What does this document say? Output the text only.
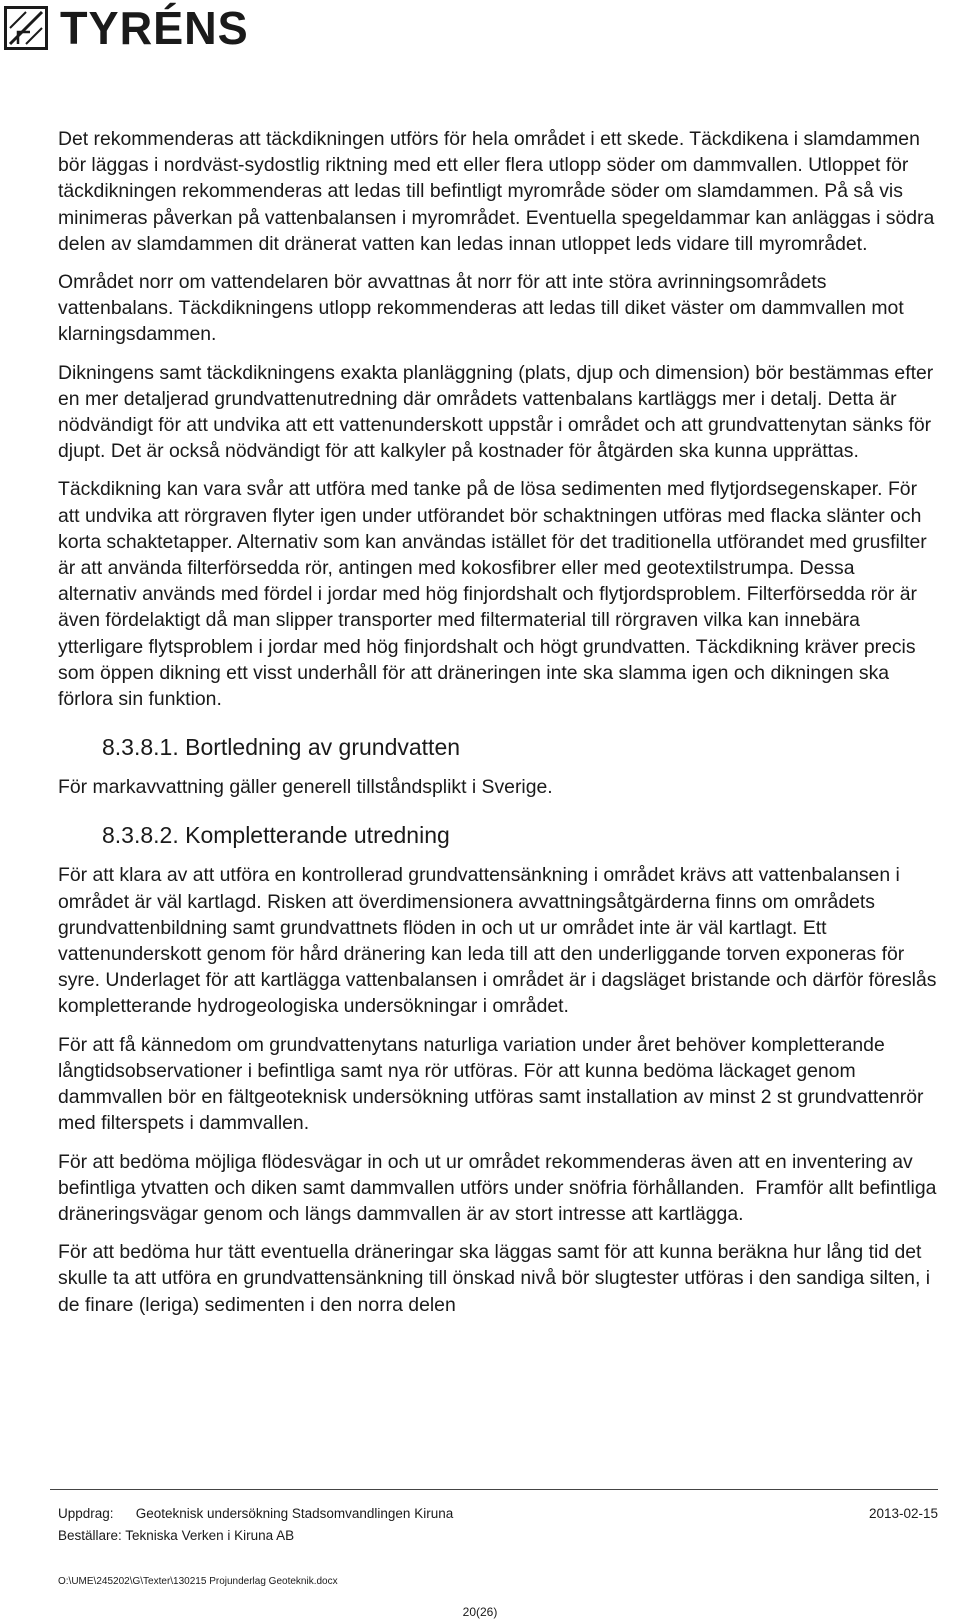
TYRÉNS

Det rekommenderas att täckdikningen utförs för hela området i ett skede. Täckdikena i slamdammen bör läggas i nordväst-sydostlig riktning med ett eller flera utlopp söder om dammvallen. Utloppet för täckdikningen rekommenderas att ledas till befintligt myrområde söder om slamdammen. På så vis minimeras påverkan på vattenbalansen i myrområdet. Eventuella spegeldammar kan anläggas i södra delen av slamdammen dit dränerat vatten kan ledas innan utloppet leds vidare till myrområdet.

Området norr om vattendelaren bör avvattnas åt norr för att inte störa avrinningsområdets vattenbalans. Täckdikningens utlopp rekommenderas att ledas till diket väster om dammvallen mot klarningsdammen.

Dikningens samt täckdikningens exakta planläggning (plats, djup och dimension) bör bestämmas efter en mer detaljerad grundvattenutredning där områdets vattenbalans kartläggs mer i detalj. Detta är nödvändigt för att undvika att ett vattenunderskott uppstår i området och att grundvattenytan sänks för djupt. Det är också nödvändigt för att kalkyler på kostnader för åtgärden ska kunna upprättas.

Täckdikning kan vara svår att utföra med tanke på de lösa sedimenten med flytjordsegenskaper. För att undvika att rörgraven flyter igen under utförandet bör schaktningen utföras med flacka slänter och korta schaktetapper. Alternativ som kan användas istället för det traditionella utförandet med grusfilter är att använda filterförsedda rör, antingen med kokosfibrer eller med geotextilstrumpa. Dessa alternativ används med fördel i jordar med hög finjordshalt och flytjordsproblem. Filterförsedda rör är även fördelaktigt då man slipper transporter med filtermaterial till rörgraven vilka kan innebära ytterligare flytsproblem i jordar med hög finjordshalt och högt grundvatten. Täckdikning kräver precis som öppen dikning ett visst underhåll för att dräneringen inte ska slamma igen och dikningen ska förlora sin funktion.

8.3.8.1. Bortledning av grundvatten

För markavvattning gäller generell tillståndsplikt i Sverige.

8.3.8.2. Kompletterande utredning

För att klara av att utföra en kontrollerad grundvattensänkning i området krävs att vattenbalansen i området är väl kartlagd. Risken att överdimensionera avvattningsåtgärderna finns om områdets grundvattenbildning samt grundvattnets flöden in och ut ur området inte är väl kartlagt. Ett vattenunderskott genom för hård dränering kan leda till att den underliggande torven exponeras för syre. Underlaget för att kartlägga vattenbalansen i området är i dagsläget bristande och därför föreslås kompletterande hydrogeologiska undersökningar i området.

För att få kännedom om grundvattenytans naturliga variation under året behöver kompletterande långtidsobservationer i befintliga samt nya rör utföras. För att kunna bedöma läckaget genom dammvallen bör en fältgeoteknisk undersökning utföras samt installation av minst 2 st grundvattenrör med filterspets i dammvallen.

För att bedöma möjliga flödesvägar in och ut ur området rekommenderas även att en inventering av befintliga ytvatten och diken samt dammvallen utförs under snöfria förhållanden.  Framför allt befintliga dräneringsvägar genom och längs dammvallen är av stort intresse att kartlägga.

För att bedöma hur tätt eventuella dräneringar ska läggas samt för att kunna beräkna hur lång tid det skulle ta att utföra en grundvattensänkning till önskad nivå bör slugtester utföras i den sandiga silten, i de finare (leriga) sedimenten i den norra delen

Uppdrag: Geoteknisk undersökning Stadsomvandlingen Kiruna	2013-02-15
Beställare: Tekniska Verken i Kiruna AB
O:\UME\245202\G\Texter\130215 Projunderlag Geoteknik.docx
20(26)
